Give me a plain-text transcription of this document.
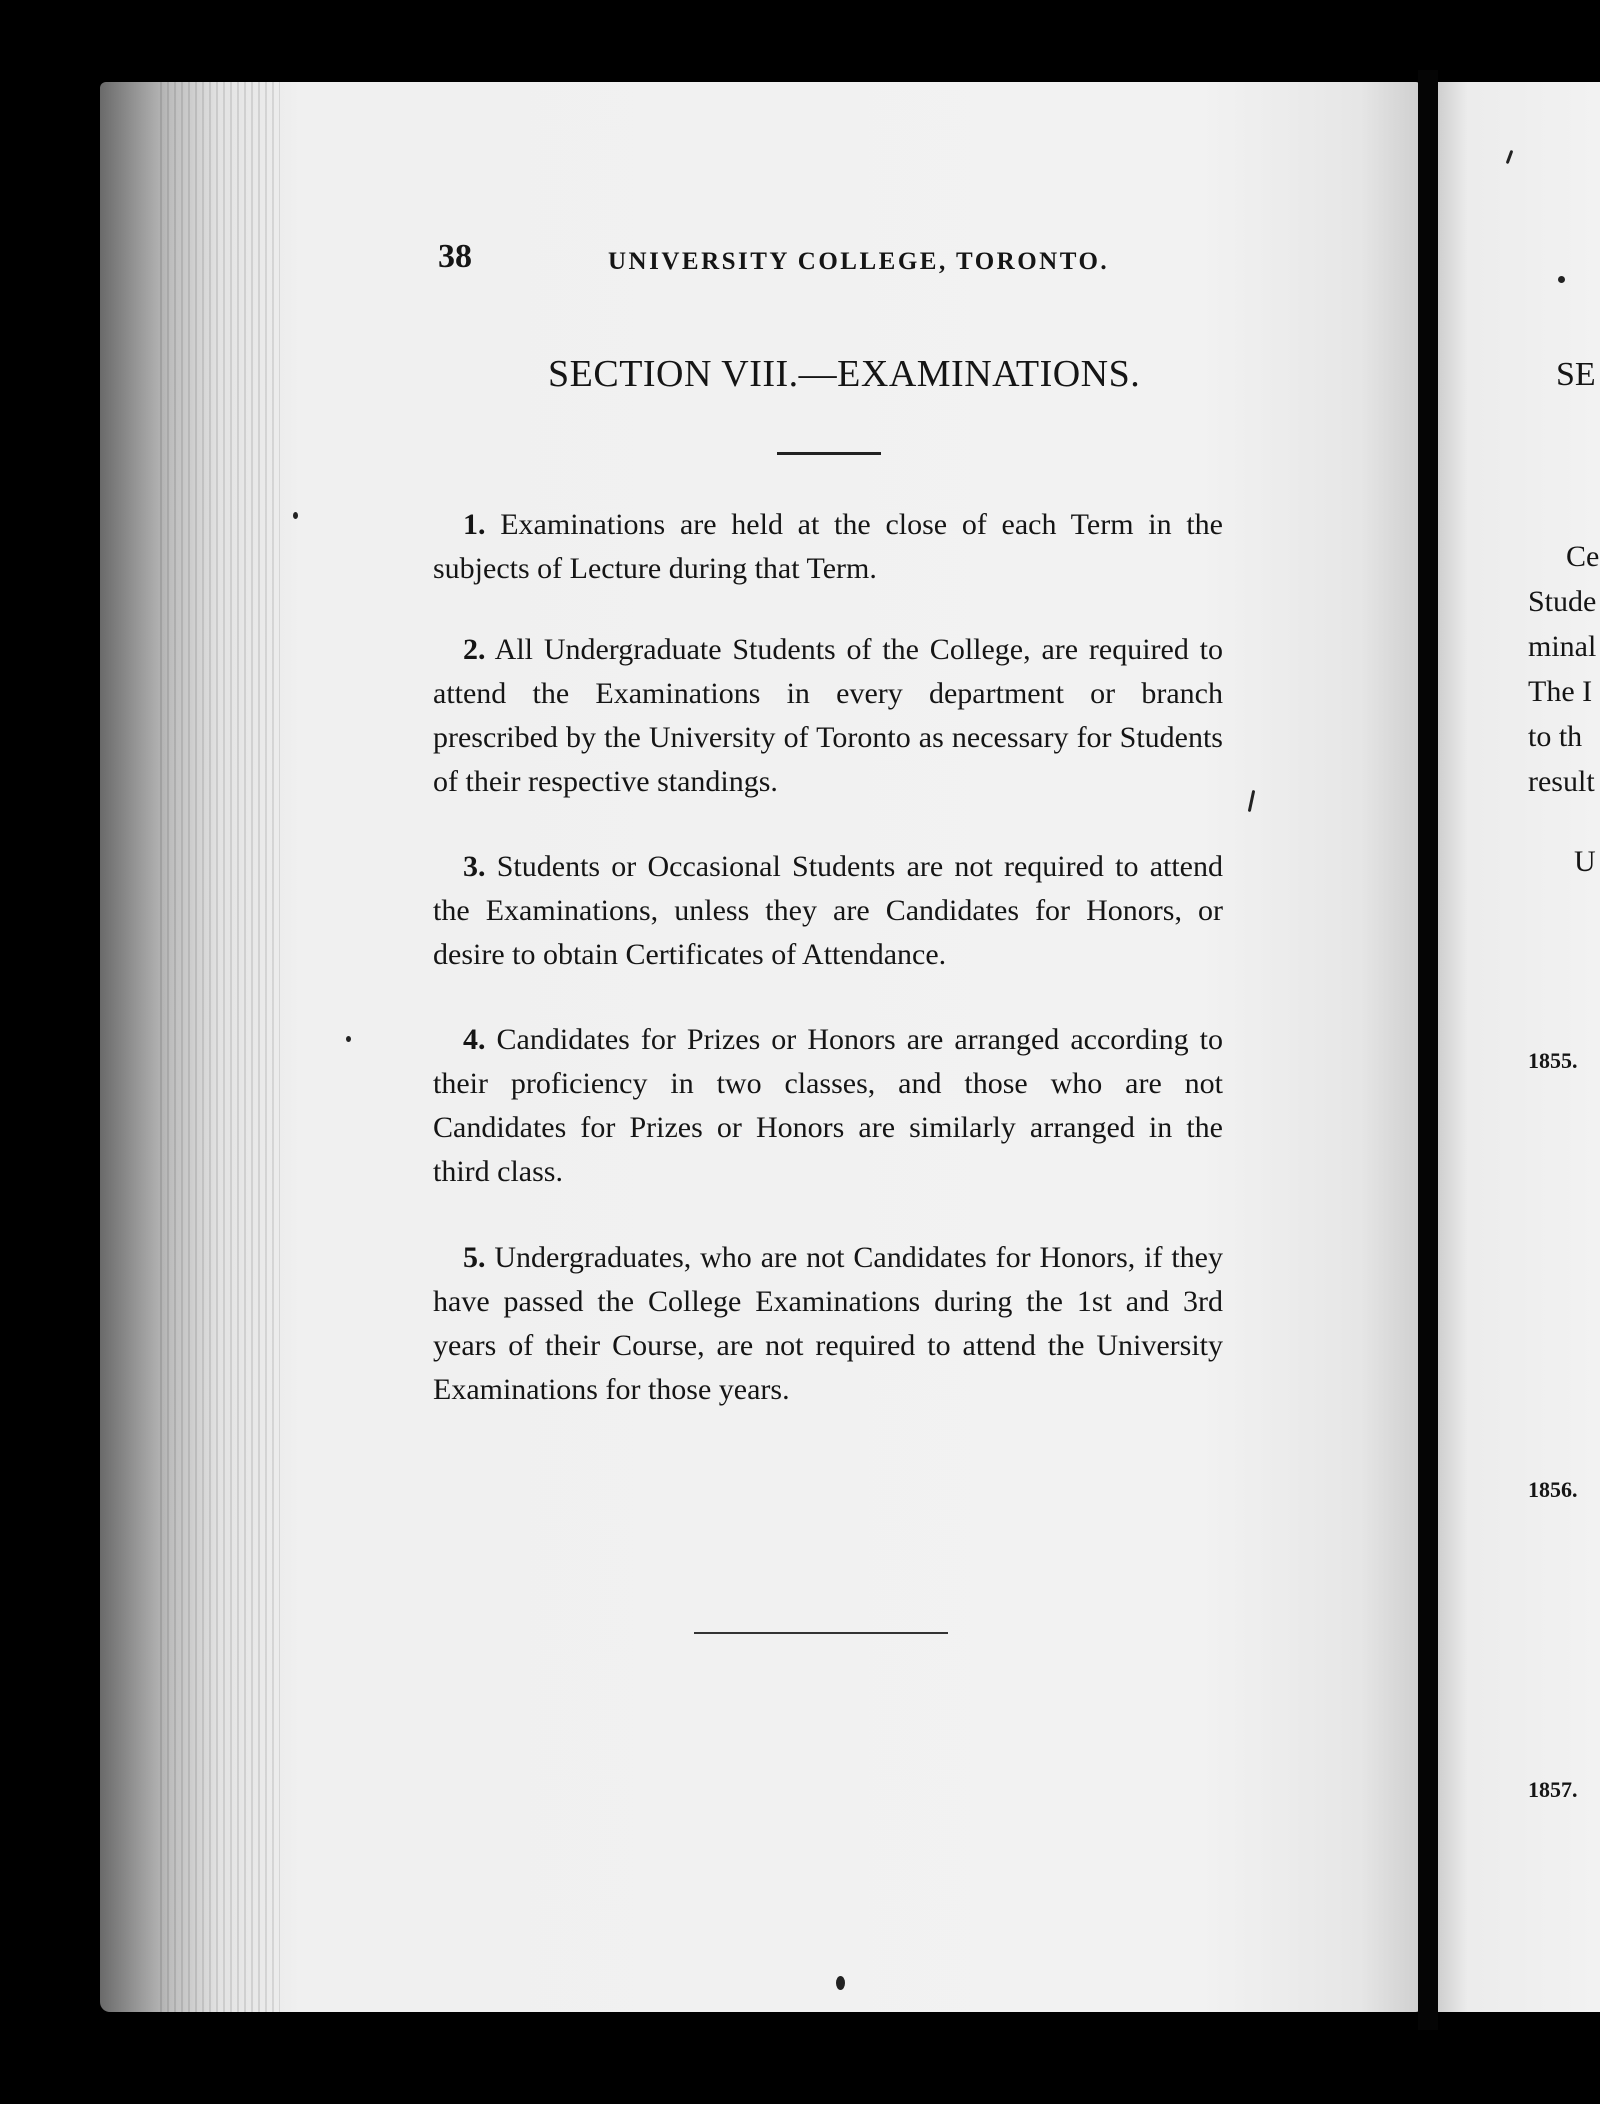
38	UNIVERSITY COLLEGE, TORONTO.
SECTION VIII.—EXAMINATIONS.

1. Examinations are held at the close of each Term in the subjects of Lecture during that Term.

2. All Undergraduate Students of the College, are required to attend the Examinations in every department or branch prescribed by the University of Toronto as necessary for Students of their respective standings.

3. Students or Occasional Students are not required to attend the Examinations, unless they are Candidates for Honors, or desire to obtain Certificates of Attendance.

4. Candidates for Prizes or Honors are arranged according to their proficiency in two classes, and those who are not Candidates for Prizes or Honors are similarly arranged in the third class.

5. Undergraduates, who are not Candidates for Honors, if they have passed the College Examinations during the 1st and 3rd years of their Course, are not required to attend the University Examinations for those years.

SE
Ce
Stude
minal
The I
to th
result
U
1855.
1856.
1857.
